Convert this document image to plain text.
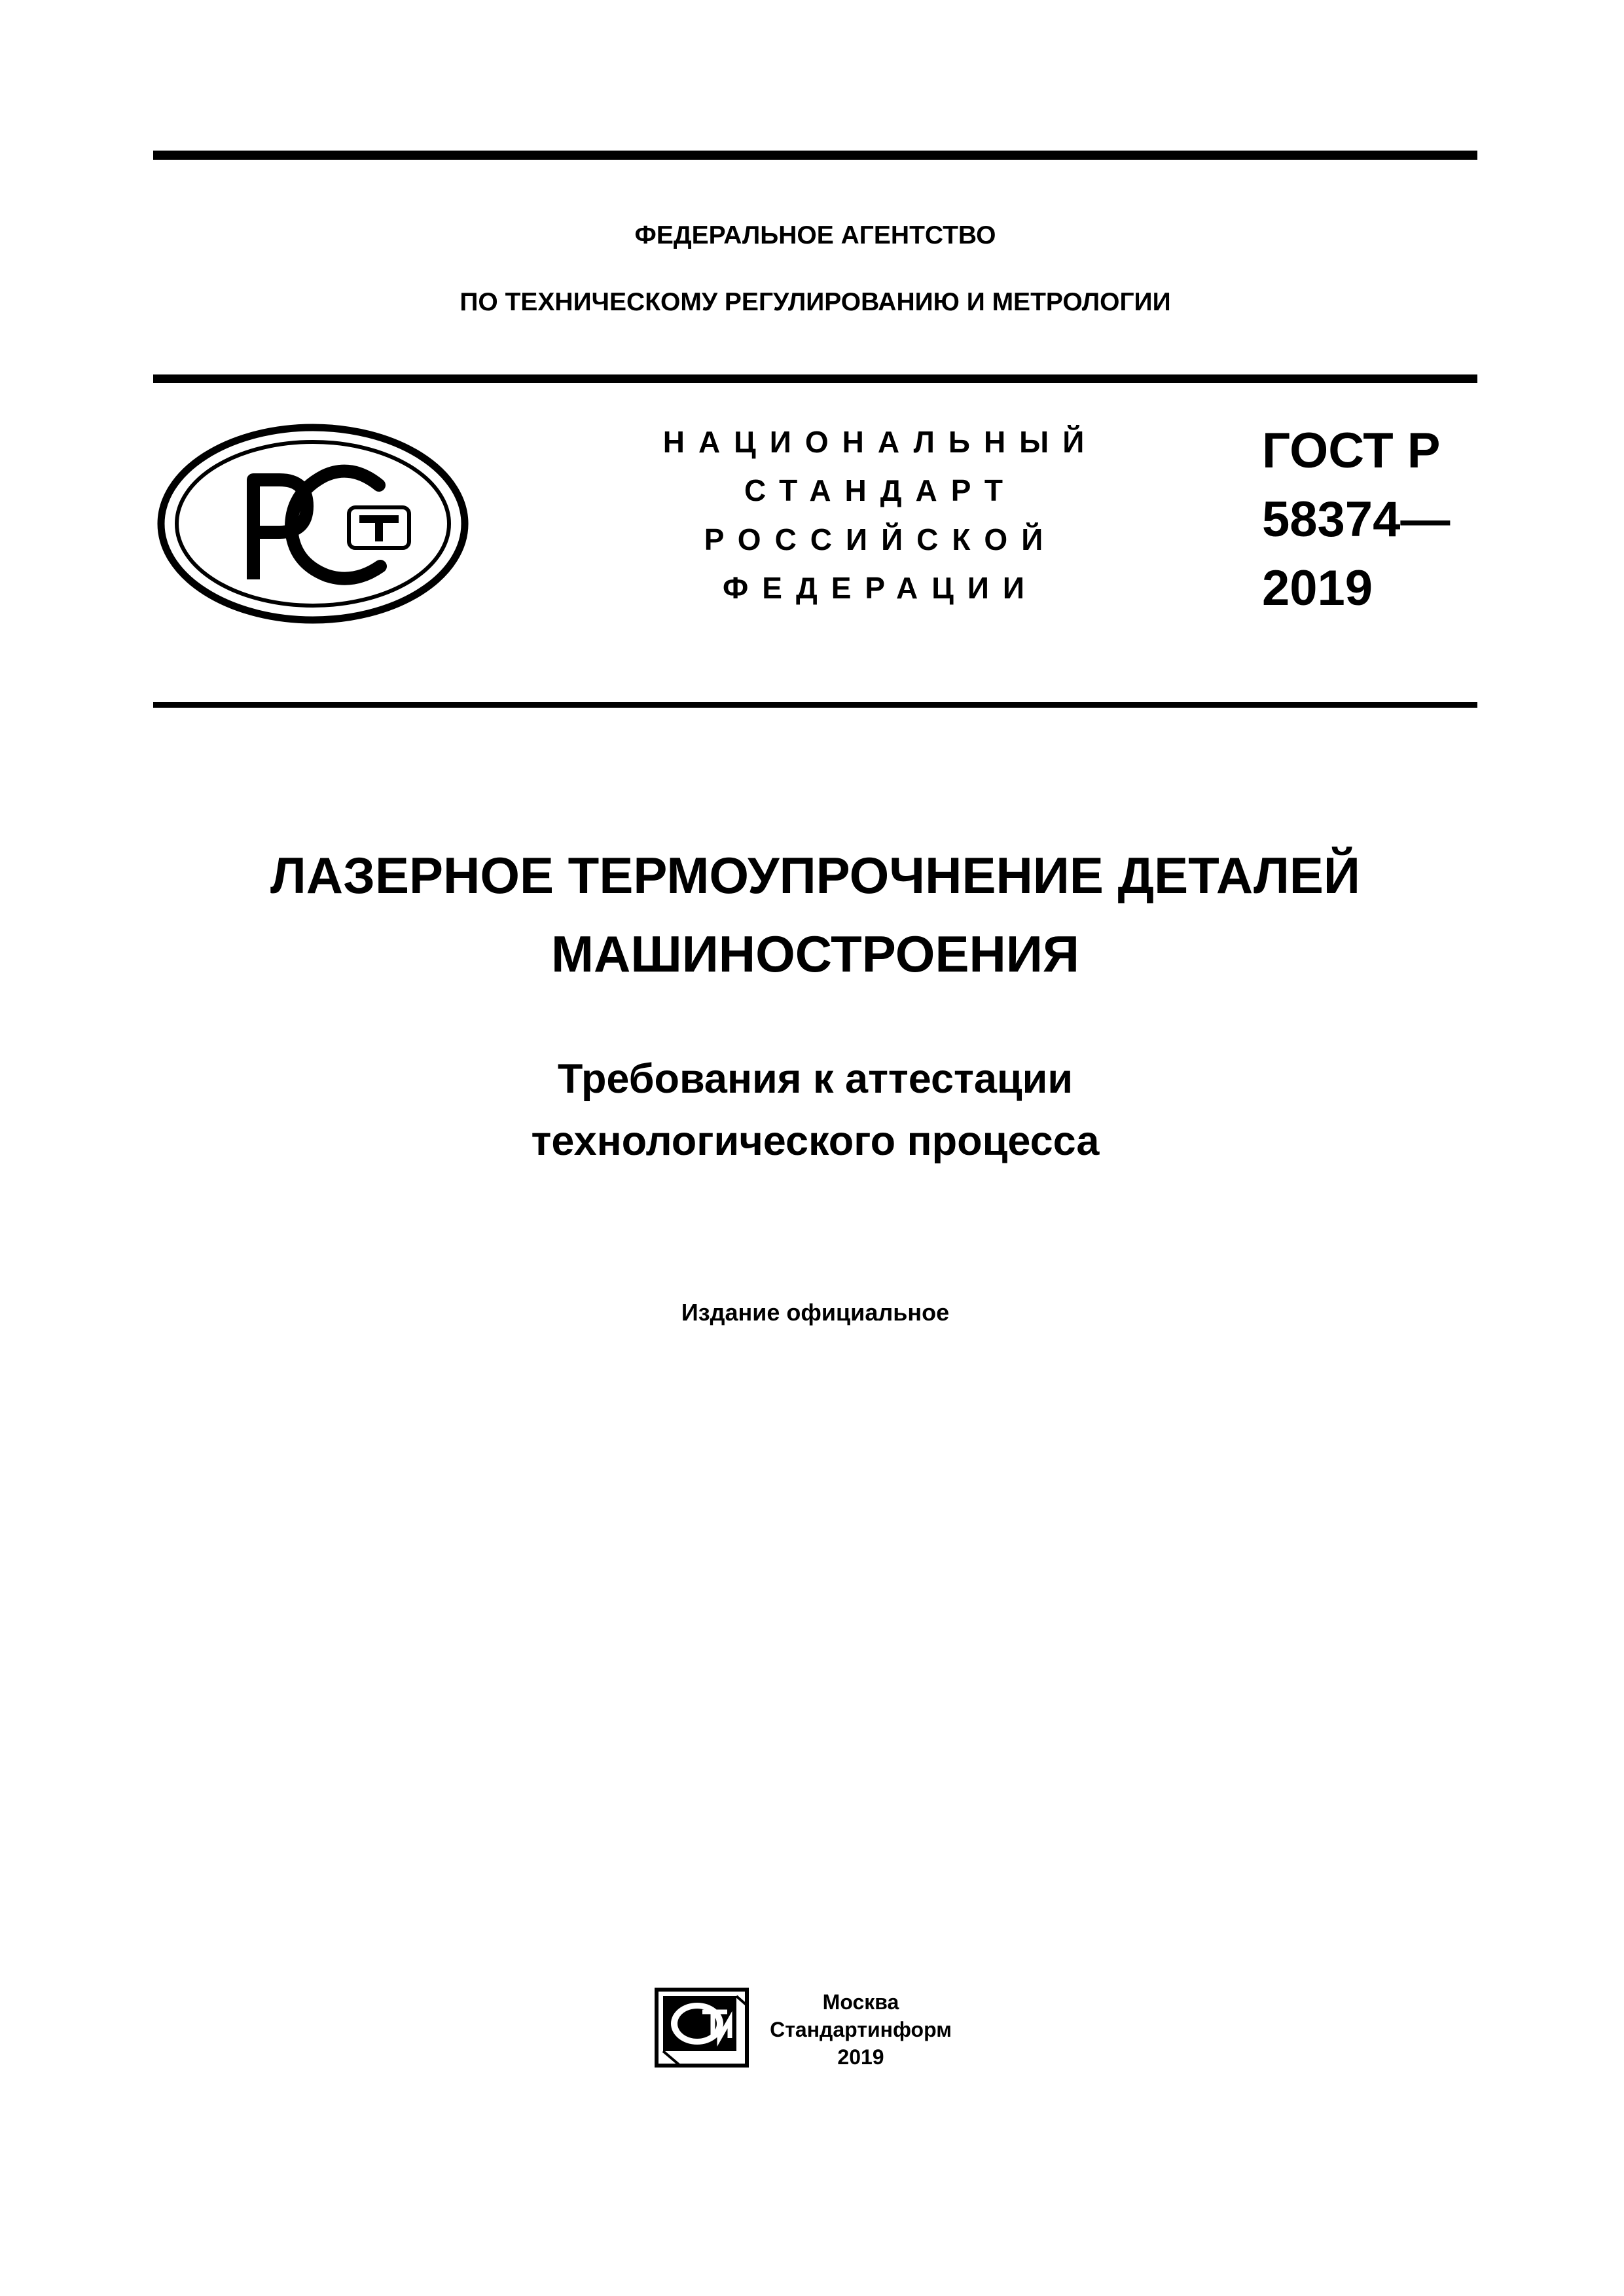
ФЕДЕРАЛЬНОЕ АГЕНТСТВО
ПО ТЕХНИЧЕСКОМУ РЕГУЛИРОВАНИЮ И МЕТРОЛОГИИ
НАЦИОНАЛЬНЫЙ
СТАНДАРТ
РОССИЙСКОЙ
ФЕДЕРАЦИИ
ГОСТ Р
58374—
2019
ЛАЗЕРНОЕ ТЕРМОУПРОЧНЕНИЕ ДЕТАЛЕЙ
МАШИНОСТРОЕНИЯ
Требования к аттестации
технологического процесса
Издание официальное
Москва
Стандартинформ
2019
